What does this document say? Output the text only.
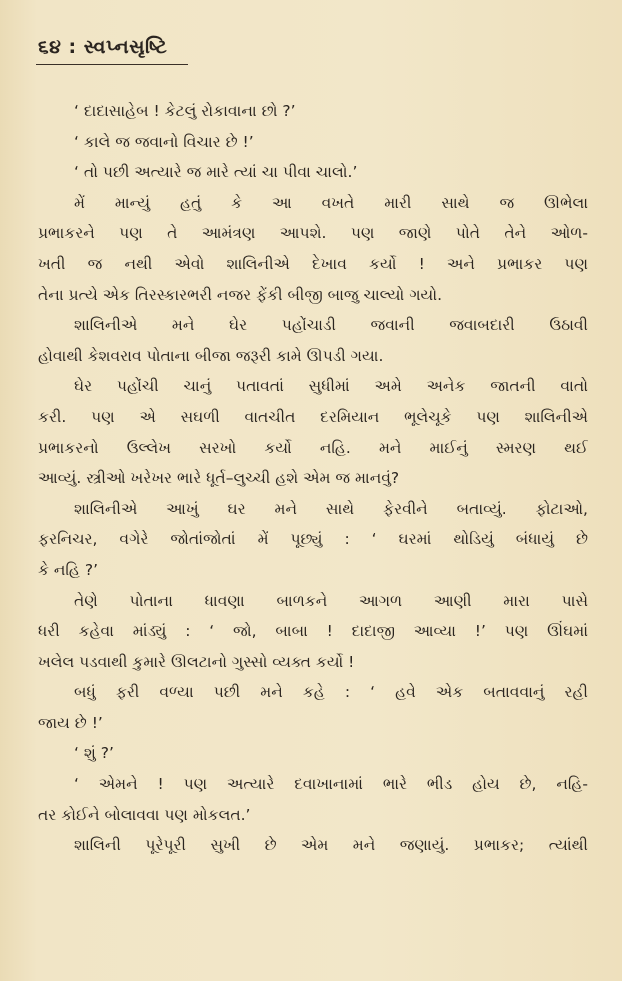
૬૪ : સ્વપ્નસૃષ્ટિ
‘ દાદાસાહેબ ! કેટલું રોકાવાના છો ?’
‘ કાલે જ જવાનો વિચાર છે !’
‘ તો પછી અત્યારે જ મારે ત્યાં ચા પીવા ચાલો.’
મેં માન્યું હતું કે આ વખતે મારી સાથે જ ઊભેલા
પ્રભાકરને પણ તે આમંત્રણ આપશે. પણ જાણે પોતે તેને ઓળ-
ખતી જ નથી એવો શાલિનીએ દેખાવ કર્યો ! અને પ્રભાકર પણ
તેના પ્રત્યે એક તિરસ્કારભરી નજર ફેંકી બીજી બાજુ ચાલ્યો ગયો.
શાલિનીએ મને ઘેર પહોંચાડી જવાની જવાબદારી ઉઠાવી
હોવાથી કેશવરાવ પોતાના બીજા જરૂરી કામે ઊપડી ગયા.
ઘેર પહોંચી ચાનું પતાવતાં સુધીમાં અમે અનેક જાતની વાતો
કરી. પણ એ સઘળી વાતચીત દરમિયાન ભૂલેચૂકે પણ શાલિનીએ
પ્રભાકરનો ઉલ્લેખ સરખો કર્યો નહિ. મને માઈનું સ્મરણ થઈ
આવ્યું. સ્ત્રીઓ ખરેખર ભારે ધૂર્ત–લુચ્ચી હશે એમ જ માનવું?
શાલિનીએ આખું ઘર મને સાથે ફેરવીને બતાવ્યું. ફોટાઓ,
ફરનિચર, વગેરે જોતાંજોતાં મેં પૂછ્યું : ‘ ઘરમાં થોડિયું બંધાયું છે
કે નહિ ?’
તેણે પોતાના ધાવણા બાળકને આગળ આણી મારા પાસે
ધરી કહેવા માંડ્યું : ‘ જો, બાબા ! દાદાજી આવ્યા !’ પણ ઊંઘમાં
ખલેલ પડવાથી કુમારે ઊલટાનો ગુસ્સો વ્યક્ત કર્યો !
બધું ફરી વળ્યા પછી મને કહે : ‘ હવે એક બતાવવાનું રહી
જાય છે !’
‘ શું ?’
‘ એમને ! પણ અત્યારે દવાખાનામાં ભારે ભીડ હોય છે, નહિ-
તર કોઈને બોલાવવા પણ મોકલત.’
શાલિની પૂરેપૂરી સુખી છે એમ મને જણાયું. પ્રભાકર; ત્યાંથી
